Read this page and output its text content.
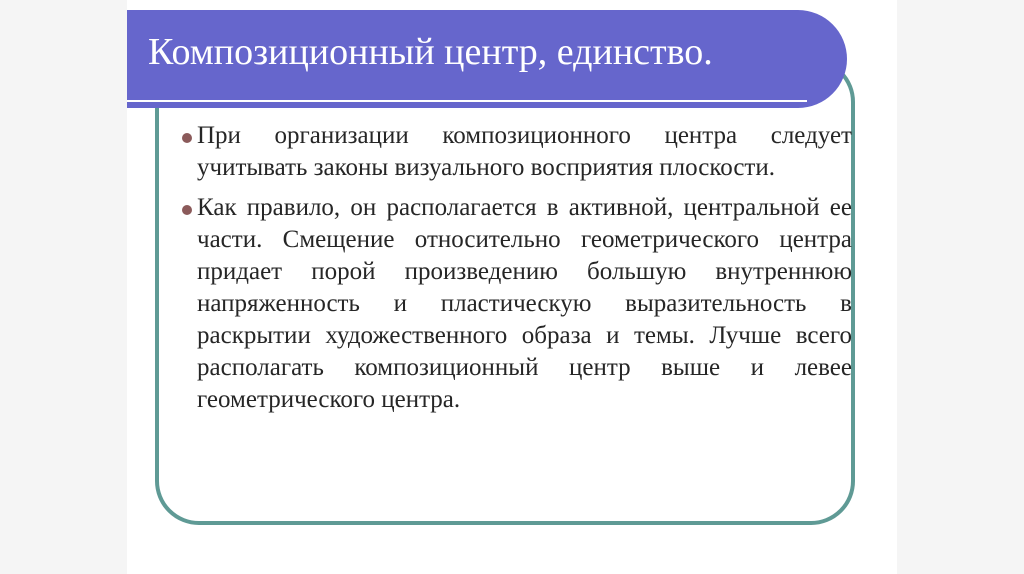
Композиционный центр, единство.
При организации композиционного центра следует учитывать законы визуального восприятия плоскости.
Как правило, он располагается в активной, центральной ее части. Смещение относительно геометрического центра придает порой произведению большую внутреннюю напряженность и пластическую выразительность в раскрытии художественного образа и темы. Лучше всего располагать композиционный центр выше и левее геометрического центра.
